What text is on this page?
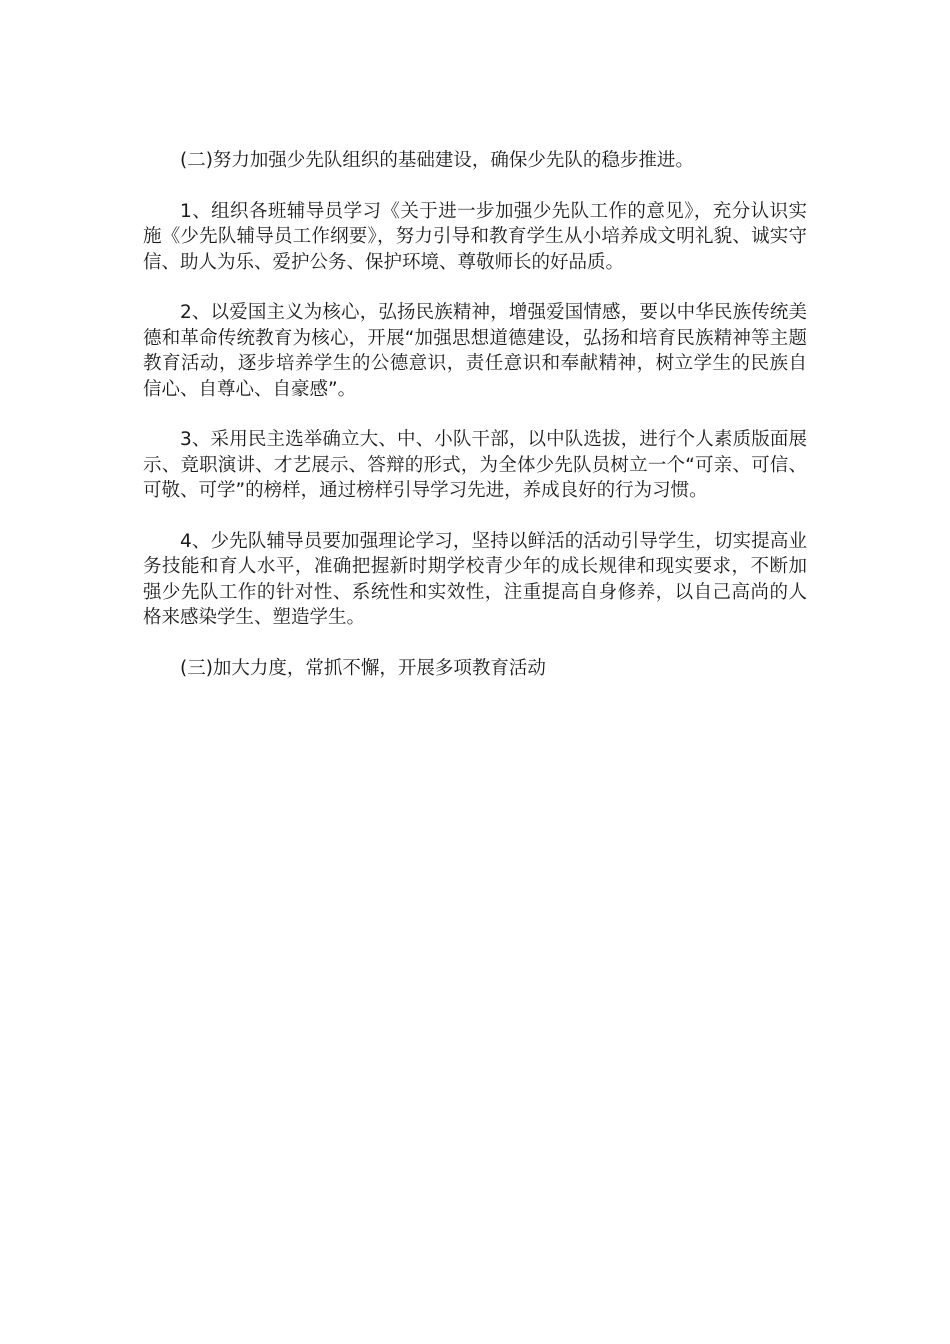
(二)努力加强少先队组织的基础建设，确保少先队的稳步推进。

1、组织各班辅导员学习《关于进一步加强少先队工作的意见》，充分认识实施《少先队辅导员工作纲要》，努力引导和教育学生从小培养成文明礼貌、诚实守信、助人为乐、爱护公务、保护环境、尊敬师长的好品质。

2、以爱国主义为核心，弘扬民族精神，增强爱国情感，要以中华民族传统美德和革命传统教育为核心，开展“加强思想道德建设，弘扬和培育民族精神等主题教育活动，逐步培养学生的公德意识，责任意识和奉献精神，树立学生的民族自信心、自尊心、自豪感”。

3、采用民主选举确立大、中、小队干部，以中队选拔，进行个人素质版面展示、竟职演讲、才艺展示、答辩的形式，为全体少先队员树立一个“可亲、可信、可敬、可学”的榜样，通过榜样引导学习先进，养成良好的行为习惯。

4、少先队辅导员要加强理论学习，坚持以鲜活的活动引导学生，切实提高业务技能和育人水平，准确把握新时期学校青少年的成长规律和现实要求，不断加强少先队工作的针对性、系统性和实效性，注重提高自身修养，以自己高尚的人格来感染学生、塑造学生。

(三)加大力度，常抓不懈，开展多项教育活动
